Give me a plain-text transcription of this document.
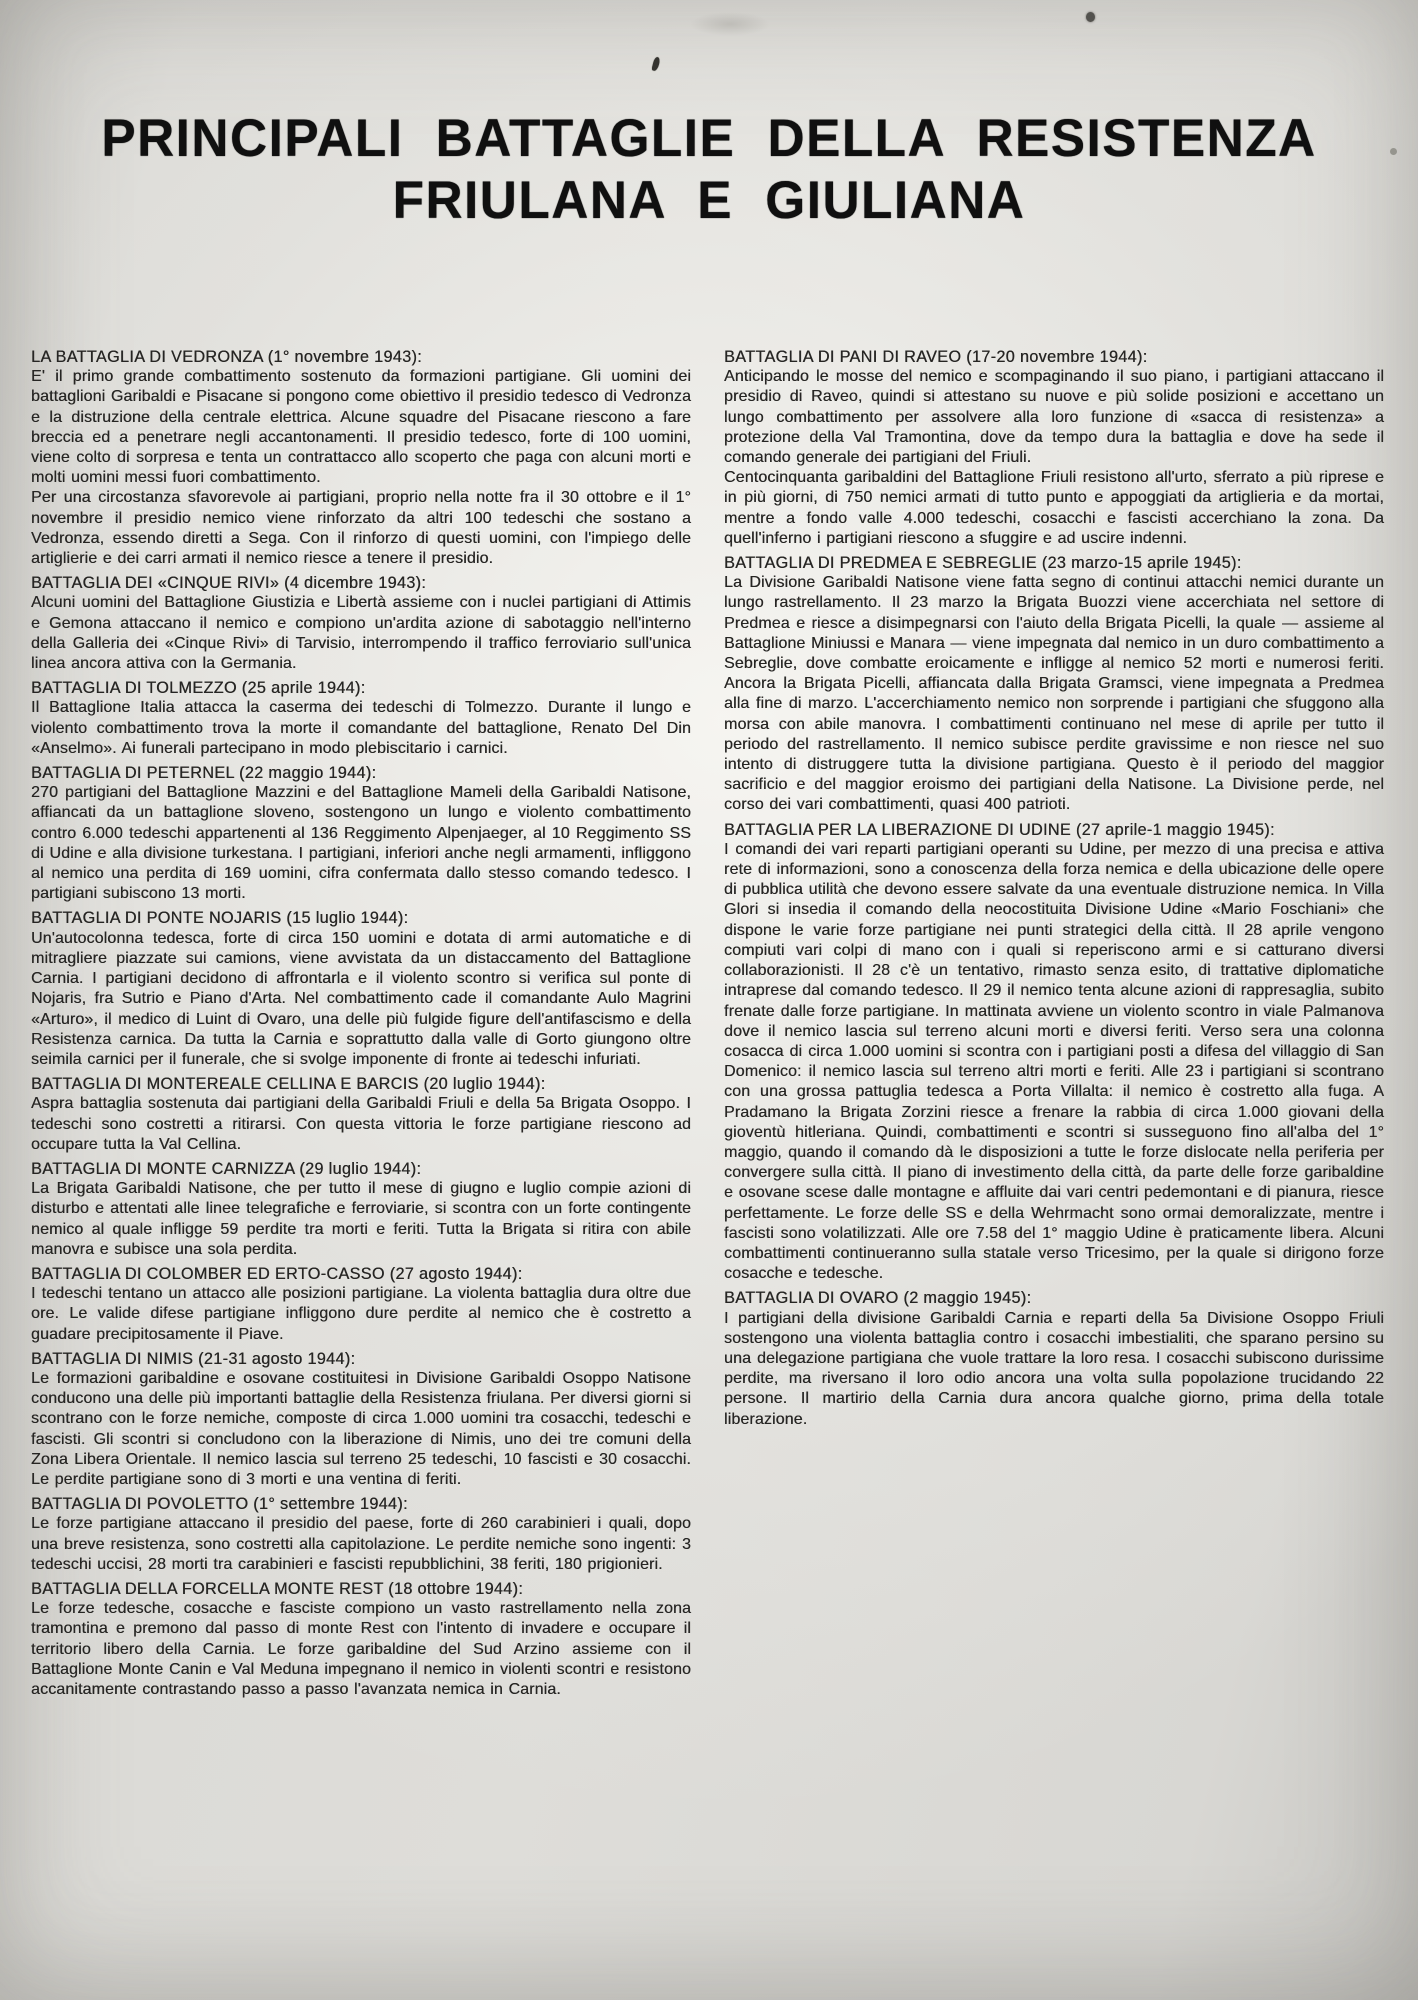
PRINCIPALI BATTAGLIE DELLA RESISTENZA
FRIULANA E GIULIANA
LA BATTAGLIA DI VEDRONZA (1° novembre 1943):

E' il primo grande combattimento sostenuto da formazioni partigiane. Gli uomini dei battaglioni Garibaldi e Pisacane si pongono come obiettivo il presidio tedesco di Vedronza e la distruzione della centrale elettrica. Alcune squadre del Pisacane riescono a fare breccia ed a penetrare negli accantonamenti. Il presidio tedesco, forte di 100 uomini, viene colto di sorpresa e tenta un contrattacco allo scoperto che paga con alcuni morti e molti uomini messi fuori combattimento.

Per una circostanza sfavorevole ai partigiani, proprio nella notte fra il 30 ottobre e il 1° novembre il presidio nemico viene rinforzato da altri 100 tedeschi che sostano a Vedronza, essendo diretti a Sega. Con il rinforzo di questi uomini, con l'impiego delle artiglierie e dei carri armati il nemico riesce a tenere il presidio.

BATTAGLIA DEI «CINQUE RIVI» (4 dicembre 1943):

Alcuni uomini del Battaglione Giustizia e Libertà assieme con i nuclei partigiani di Attimis e Gemona attaccano il nemico e compiono un'ardita azione di sabotaggio nell'interno della Galleria dei «Cinque Rivi» di Tarvisio, interrompendo il traffico ferroviario sull'unica linea ancora attiva con la Germania.

BATTAGLIA DI TOLMEZZO (25 aprile 1944):

Il Battaglione Italia attacca la caserma dei tedeschi di Tolmezzo. Durante il lungo e violento combattimento trova la morte il comandante del battaglione, Renato Del Din «Anselmo». Ai funerali partecipano in modo plebiscitario i carnici.

BATTAGLIA DI PETERNEL (22 maggio 1944):

270 partigiani del Battaglione Mazzini e del Battaglione Mameli della Garibaldi Natisone, affiancati da un battaglione sloveno, sostengono un lungo e violento combattimento contro 6.000 tedeschi appartenenti al 136 Reggimento Alpenjaeger, al 10 Reggimento SS di Udine e alla divisione turkestana. I partigiani, inferiori anche negli armamenti, infliggono al nemico una perdita di 169 uomini, cifra confermata dallo stesso comando tedesco. I partigiani subiscono 13 morti.

BATTAGLIA DI PONTE NOJARIS (15 luglio 1944):

Un'autocolonna tedesca, forte di circa 150 uomini e dotata di armi automatiche e di mitragliere piazzate sui camions, viene avvistata da un distaccamento del Battaglione Carnia. I partigiani decidono di affrontarla e il violento scontro si verifica sul ponte di Nojaris, fra Sutrio e Piano d'Arta. Nel combattimento cade il comandante Aulo Magrini «Arturo», il medico di Luint di Ovaro, una delle più fulgide figure dell'antifascismo e della Resistenza carnica. Da tutta la Carnia e soprattutto dalla valle di Gorto giungono oltre seimila carnici per il funerale, che si svolge imponente di fronte ai tedeschi infuriati.

BATTAGLIA DI MONTEREALE CELLINA E BARCIS (20 luglio 1944):

Aspra battaglia sostenuta dai partigiani della Garibaldi Friuli e della 5a Brigata Osoppo. I tedeschi sono costretti a ritirarsi. Con questa vittoria le forze partigiane riescono ad occupare tutta la Val Cellina.

BATTAGLIA DI MONTE CARNIZZA (29 luglio 1944):

La Brigata Garibaldi Natisone, che per tutto il mese di giugno e luglio compie azioni di disturbo e attentati alle linee telegrafiche e ferroviarie, si scontra con un forte contingente nemico al quale infligge 59 perdite tra morti e feriti. Tutta la Brigata si ritira con abile manovra e subisce una sola perdita.

BATTAGLIA DI COLOMBER ED ERTO-CASSO (27 agosto 1944):

I tedeschi tentano un attacco alle posizioni partigiane. La violenta battaglia dura oltre due ore. Le valide difese partigiane infliggono dure perdite al nemico che è costretto a guadare precipitosamente il Piave.

BATTAGLIA DI NIMIS (21-31 agosto 1944):

Le formazioni garibaldine e osovane costituitesi in Divisione Garibaldi Osoppo Natisone conducono una delle più importanti battaglie della Resistenza friulana. Per diversi giorni si scontrano con le forze nemiche, composte di circa 1.000 uomini tra cosacchi, tedeschi e fascisti. Gli scontri si concludono con la liberazione di Nimis, uno dei tre comuni della Zona Libera Orientale. Il nemico lascia sul terreno 25 tedeschi, 10 fascisti e 30 cosacchi. Le perdite partigiane sono di 3 morti e una ventina di feriti.

BATTAGLIA DI POVOLETTO (1° settembre 1944):

Le forze partigiane attaccano il presidio del paese, forte di 260 carabinieri i quali, dopo una breve resistenza, sono costretti alla capitolazione. Le perdite nemiche sono ingenti: 3 tedeschi uccisi, 28 morti tra carabinieri e fascisti repubblichini, 38 feriti, 180 prigionieri.

BATTAGLIA DELLA FORCELLA MONTE REST (18 ottobre 1944):

Le forze tedesche, cosacche e fasciste compiono un vasto rastrellamento nella zona tramontina e premono dal passo di monte Rest con l'intento di invadere e occupare il territorio libero della Carnia. Le forze garibaldine del Sud Arzino assieme con il Battaglione Monte Canin e Val Meduna impegnano il nemico in violenti scontri e resistono accanitamente contrastando passo a passo l'avanzata nemica in Carnia.

BATTAGLIA DI PANI DI RAVEO (17-20 novembre 1944):

Anticipando le mosse del nemico e scompaginando il suo piano, i partigiani attaccano il presidio di Raveo, quindi si attestano su nuove e più solide posizioni e accettano un lungo combattimento per assolvere alla loro funzione di «sacca di resistenza» a protezione della Val Tramontina, dove da tempo dura la battaglia e dove ha sede il comando generale dei partigiani del Friuli.

Centocinquanta garibaldini del Battaglione Friuli resistono all'urto, sferrato a più riprese e in più giorni, di 750 nemici armati di tutto punto e appoggiati da artiglieria e da mortai, mentre a fondo valle 4.000 tedeschi, cosacchi e fascisti accerchiano la zona. Da quell'inferno i partigiani riescono a sfuggire e ad uscire indenni.

BATTAGLIA DI PREDMEA E SEBREGLIE (23 marzo-15 aprile 1945):

La Divisione Garibaldi Natisone viene fatta segno di continui attacchi nemici durante un lungo rastrellamento. Il 23 marzo la Brigata Buozzi viene accerchiata nel settore di Predmea e riesce a disimpegnarsi con l'aiuto della Brigata Picelli, la quale — assieme al Battaglione Miniussi e Manara — viene impegnata dal nemico in un duro combattimento a Sebreglie, dove combatte eroicamente e infligge al nemico 52 morti e numerosi feriti. Ancora la Brigata Picelli, affiancata dalla Brigata Gramsci, viene impegnata a Predmea alla fine di marzo. L'accerchiamento nemico non sorprende i partigiani che sfuggono alla morsa con abile manovra. I combattimenti continuano nel mese di aprile per tutto il periodo del rastrellamento. Il nemico subisce perdite gravissime e non riesce nel suo intento di distruggere tutta la divisione partigiana. Questo è il periodo del maggior sacrificio e del maggior eroismo dei partigiani della Natisone. La Divisione perde, nel corso dei vari combattimenti, quasi 400 patrioti.

BATTAGLIA PER LA LIBERAZIONE DI UDINE (27 aprile-1 maggio 1945):

I comandi dei vari reparti partigiani operanti su Udine, per mezzo di una precisa e attiva rete di informazioni, sono a conoscenza della forza nemica e della ubicazione delle opere di pubblica utilità che devono essere salvate da una eventuale distruzione nemica. In Villa Glori si insedia il comando della neocostituita Divisione Udine «Mario Foschiani» che dispone le varie forze partigiane nei punti strategici della città. Il 28 aprile vengono compiuti vari colpi di mano con i quali si reperiscono armi e si catturano diversi collaborazionisti. Il 28 c'è un tentativo, rimasto senza esito, di trattative diplomatiche intraprese dal comando tedesco. Il 29 il nemico tenta alcune azioni di rappresaglia, subito frenate dalle forze partigiane. In mattinata avviene un violento scontro in viale Palmanova dove il nemico lascia sul terreno alcuni morti e diversi feriti. Verso sera una colonna cosacca di circa 1.000 uomini si scontra con i partigiani posti a difesa del villaggio di San Domenico: il nemico lascia sul terreno altri morti e feriti. Alle 23 i partigiani si scontrano con una grossa pattuglia tedesca a Porta Villalta: il nemico è costretto alla fuga. A Pradamano la Brigata Zorzini riesce a frenare la rabbia di circa 1.000 giovani della gioventù hitleriana. Quindi, combattimenti e scontri si susseguono fino all'alba del 1° maggio, quando il comando dà le disposizioni a tutte le forze dislocate nella periferia per convergere sulla città. Il piano di investimento della città, da parte delle forze garibaldine e osovane scese dalle montagne e affluite dai vari centri pedemontani e di pianura, riesce perfettamente. Le forze delle SS e della Wehrmacht sono ormai demoralizzate, mentre i fascisti sono volatilizzati. Alle ore 7.58 del 1° maggio Udine è praticamente libera. Alcuni combattimenti continueranno sulla statale verso Tricesimo, per la quale si dirigono forze cosacche e tedesche.

BATTAGLIA DI OVARO (2 maggio 1945):

I partigiani della divisione Garibaldi Carnia e reparti della 5a Divisione Osoppo Friuli sostengono una violenta battaglia contro i cosacchi imbestialiti, che sparano persino su una delegazione partigiana che vuole trattare la loro resa. I cosacchi subiscono durissime perdite, ma riversano il loro odio ancora una volta sulla popolazione trucidando 22 persone. Il martirio della Carnia dura ancora qualche giorno, prima della totale liberazione.
